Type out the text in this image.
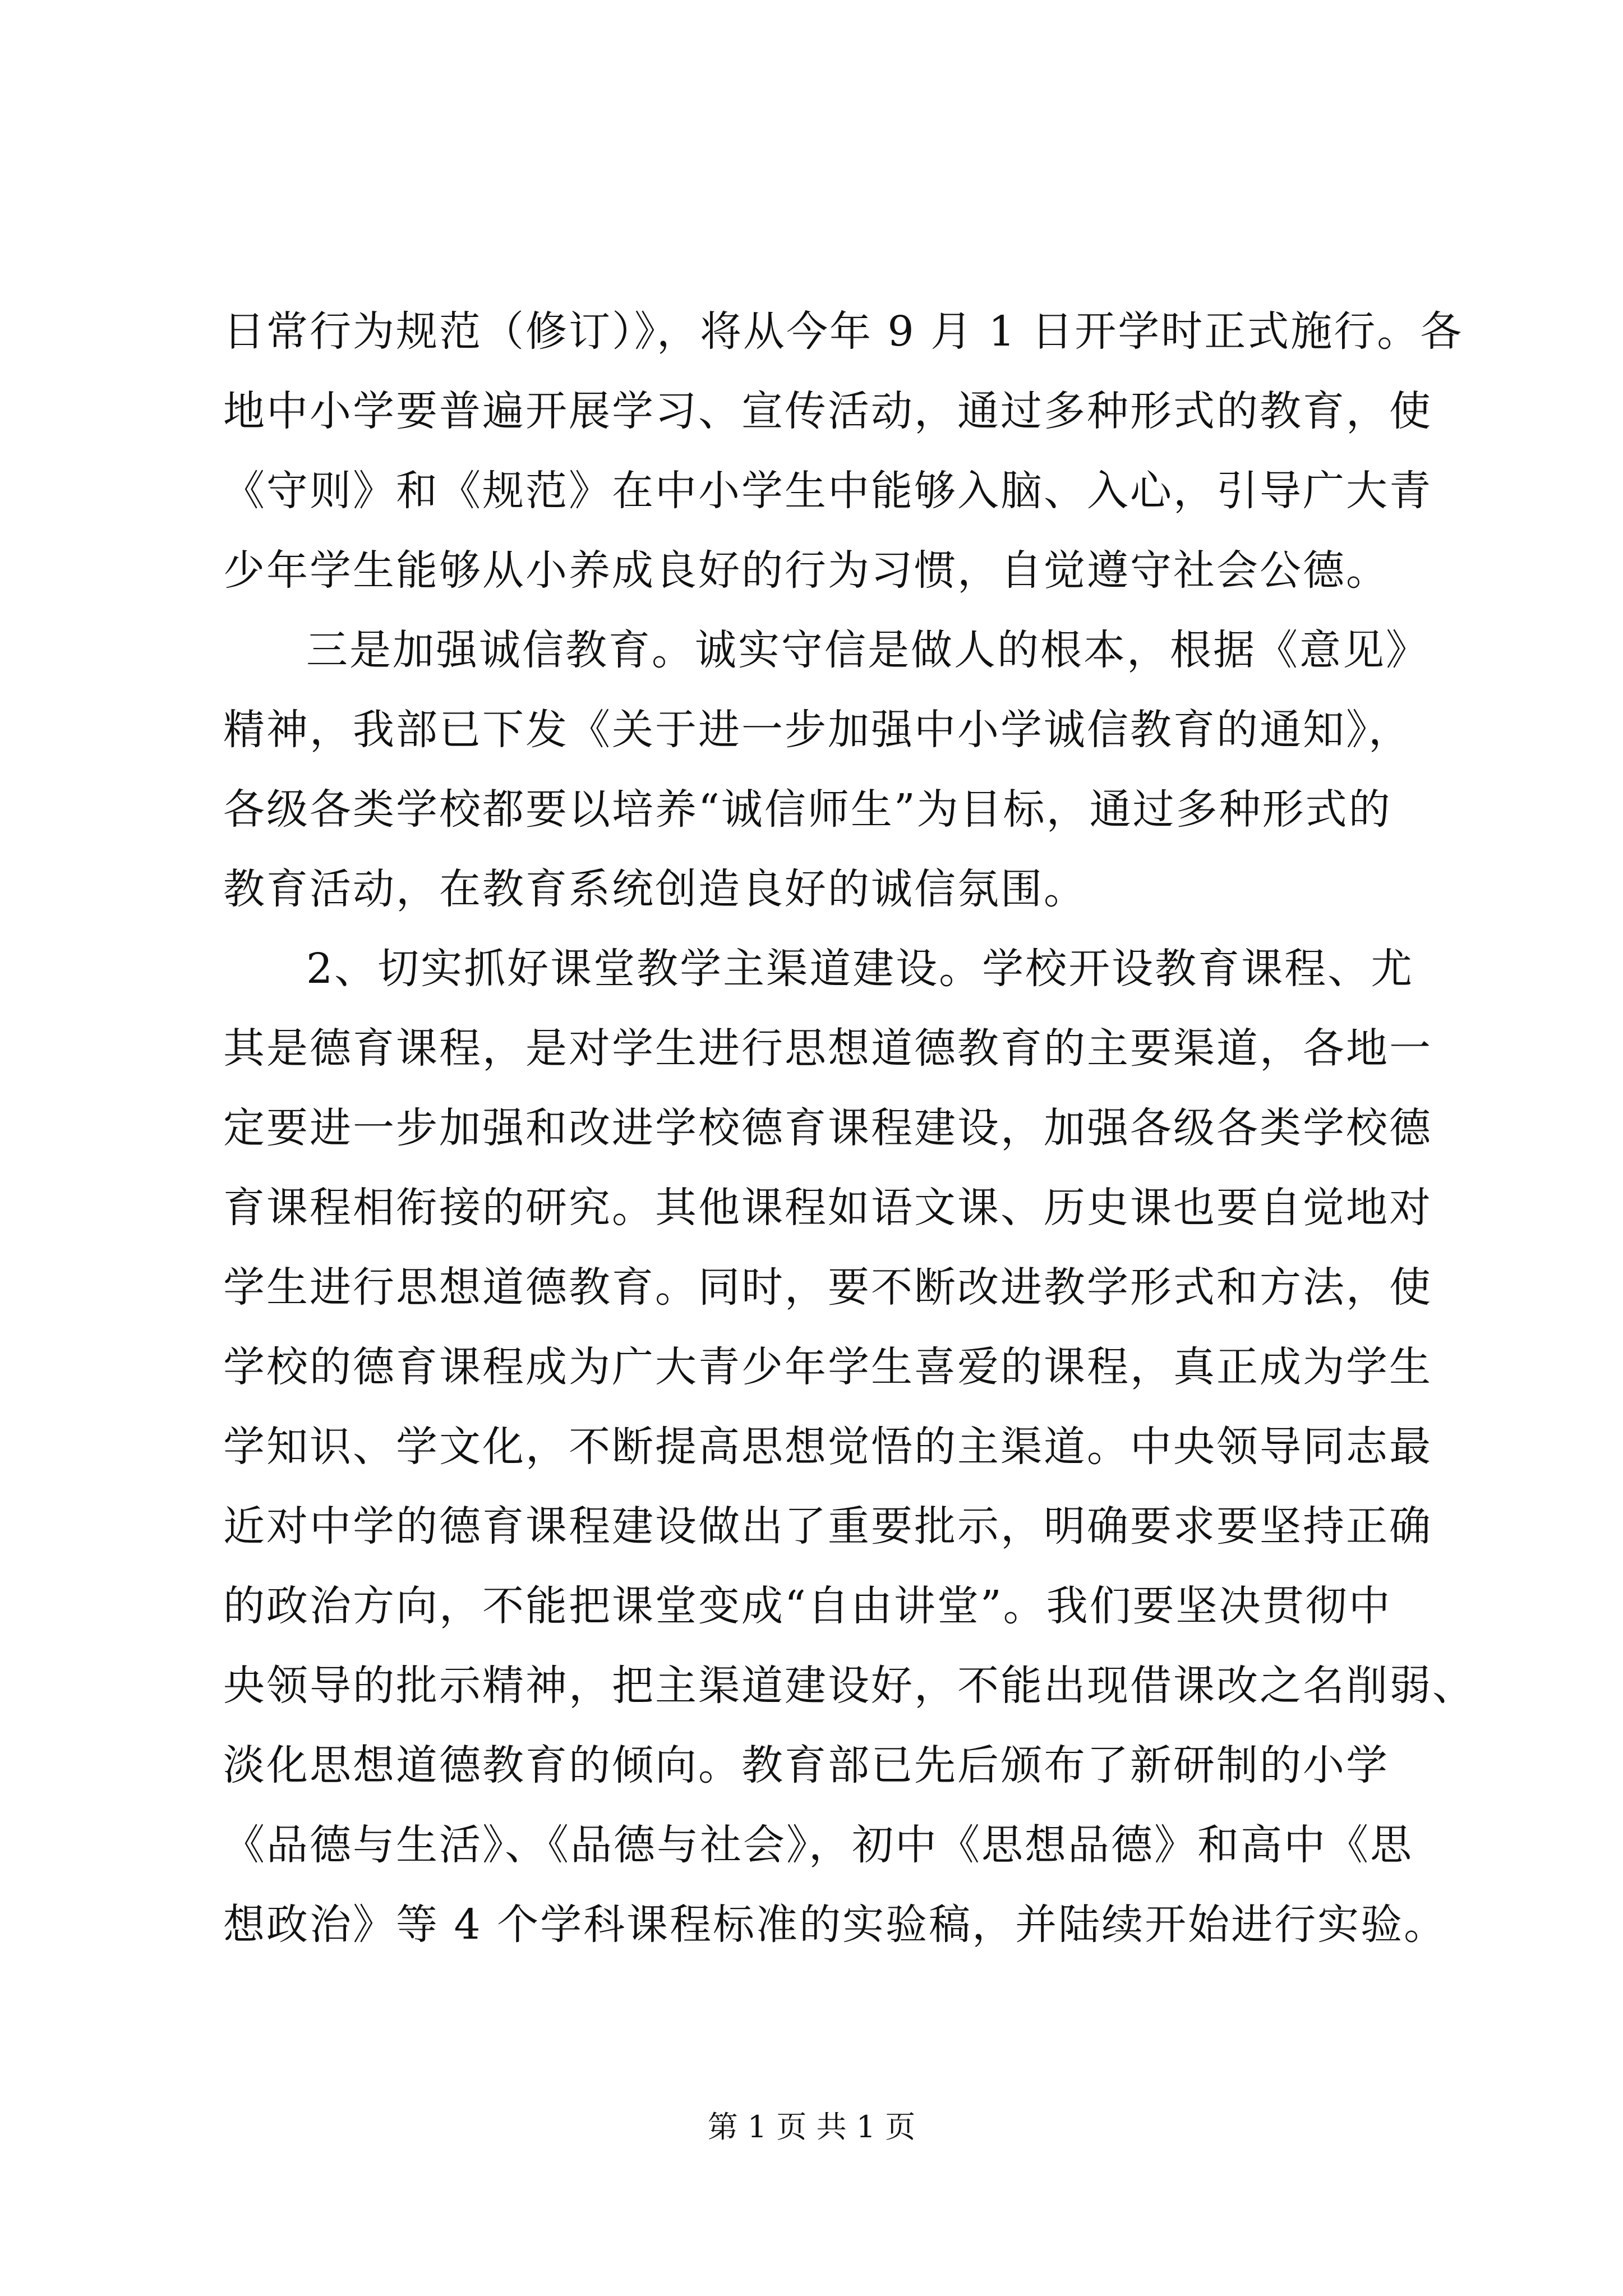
日常行为规范（修订）》，将从今年 9 月 1 日开学时正式施行。各
地中小学要普遍开展学习、宣传活动，通过多种形式的教育，使
《守则》和《规范》在中小学生中能够入脑、入心，引导广大青
少年学生能够从小养成良好的行为习惯，自觉遵守社会公德。
三是加强诚信教育。诚实守信是做人的根本，根据《意见》
精神，我部已下发《关于进一步加强中小学诚信教育的通知》，
各级各类学校都要以培养“诚信师生”为目标，通过多种形式的
教育活动，在教育系统创造良好的诚信氛围。
2、切实抓好课堂教学主渠道建设。学校开设教育课程、尤
其是德育课程，是对学生进行思想道德教育的主要渠道，各地一
定要进一步加强和改进学校德育课程建设，加强各级各类学校德
育课程相衔接的研究。其他课程如语文课、历史课也要自觉地对
学生进行思想道德教育。同时，要不断改进教学形式和方法，使
学校的德育课程成为广大青少年学生喜爱的课程，真正成为学生
学知识、学文化，不断提高思想觉悟的主渠道。中央领导同志最
近对中学的德育课程建设做出了重要批示，明确要求要坚持正确
的政治方向，不能把课堂变成“自由讲堂”。我们要坚决贯彻中
央领导的批示精神，把主渠道建设好，不能出现借课改之名削弱、
淡化思想道德教育的倾向。教育部已先后颁布了新研制的小学
《品德与生活》、《品德与社会》，初中《思想品德》和高中《思
想政治》等 4 个学科课程标准的实验稿，并陆续开始进行实验。
第 1 页 共 1 页
